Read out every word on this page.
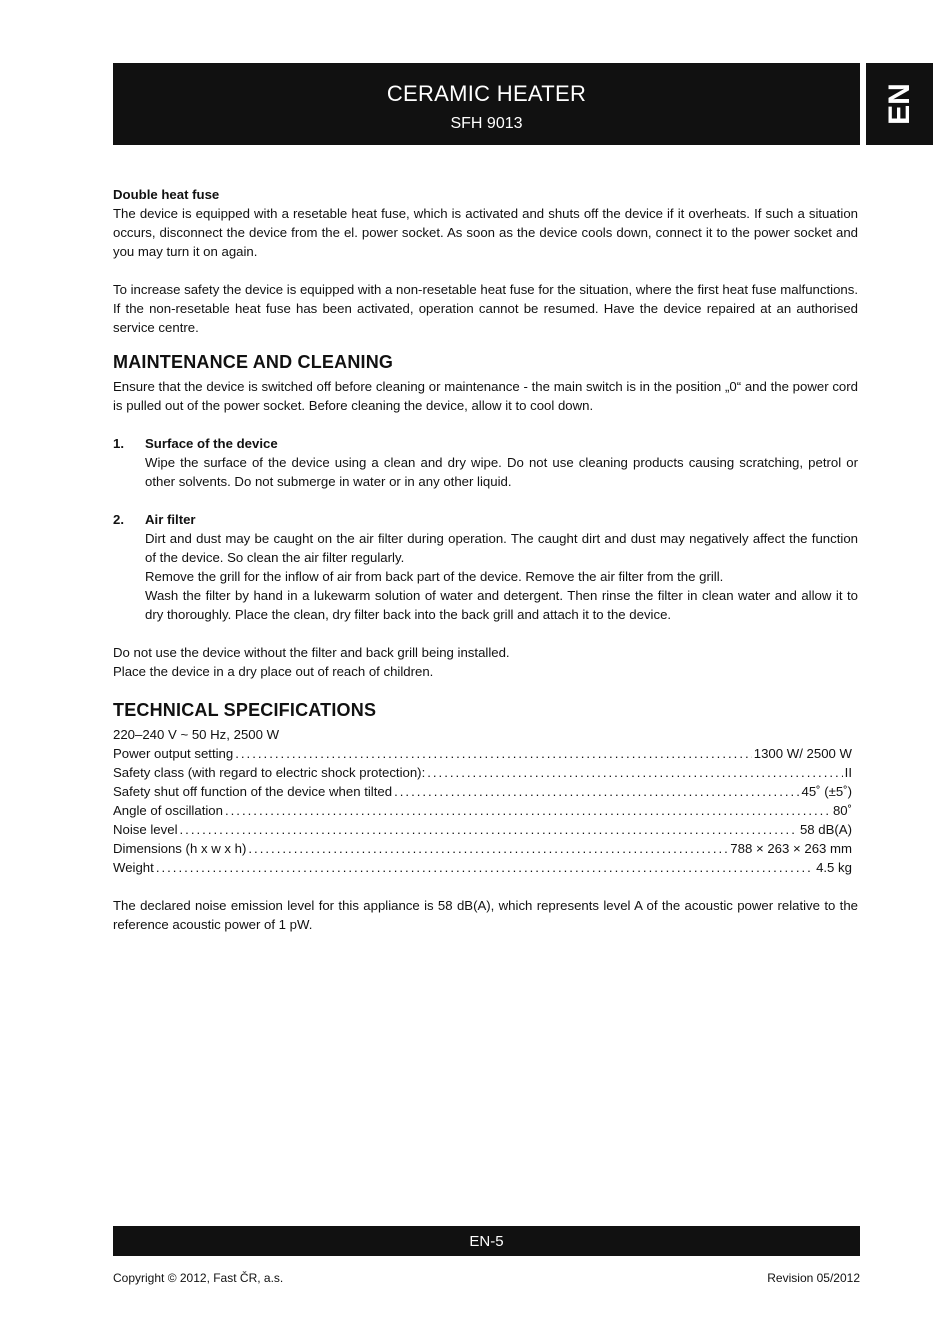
CERAMIC HEATER
SFH 9013	EN

Double heat fuse

The device is equipped with a resetable heat fuse, which is activated and shuts off the device if it overheats. If such a situation occurs, disconnect the device from the el. power socket. As soon as the device cools down, connect it to the power socket and you may turn it on again.

To increase safety the device is equipped with a non-resetable heat fuse for the situation, where the first heat fuse malfunctions. If the non-resetable heat fuse has been activated, operation cannot be resumed. Have the device repaired at an authorised service centre.

MAINTENANCE AND CLEANING

Ensure that the device is switched off before cleaning or maintenance - the main switch is in the position „0“ and the power cord is pulled out of the power socket. Before cleaning the device, allow it to cool down.

1. Surface of the device

Wipe the surface of the device using a clean and dry wipe. Do not use cleaning products causing scratching, petrol or other solvents. Do not submerge in water or in any other liquid.

2. Air filter

Dirt and dust may be caught on the air filter during operation. The caught dirt and dust may negatively affect the function of the device. So clean the air filter regularly.

Remove the grill for the inflow of air from back part of the device. Remove the air filter from the grill.

Wash the filter by hand in a lukewarm solution of water and detergent. Then rinse the filter in clean water and allow it to dry thoroughly. Place the clean, dry filter back into the back grill and attach it to the device.

Do not use the device without the filter and back grill being installed.

Place the device in a dry place out of reach of children.

TECHNICAL SPECIFICATIONS

220–240 V ~ 50 Hz, 2500 W

Power output setting .....	1300 W/ 2500 W
Safety class (with regard to electric shock protection): .....	II
Safety shut off function of the device when tilted .....	45˚ (±5˚)
Angle of oscillation .....	80˚
Noise level .....	58 dB(A)
Dimensions (h x w x h) .....	788 × 263 × 263 mm
Weight .....	4.5 kg

The declared noise emission level for this appliance is 58 dB(A), which represents level A of the acoustic power relative to the reference acoustic power of 1 pW.

EN-5
Copyright © 2012, Fast ČR, a.s.	Revision 05/2012
